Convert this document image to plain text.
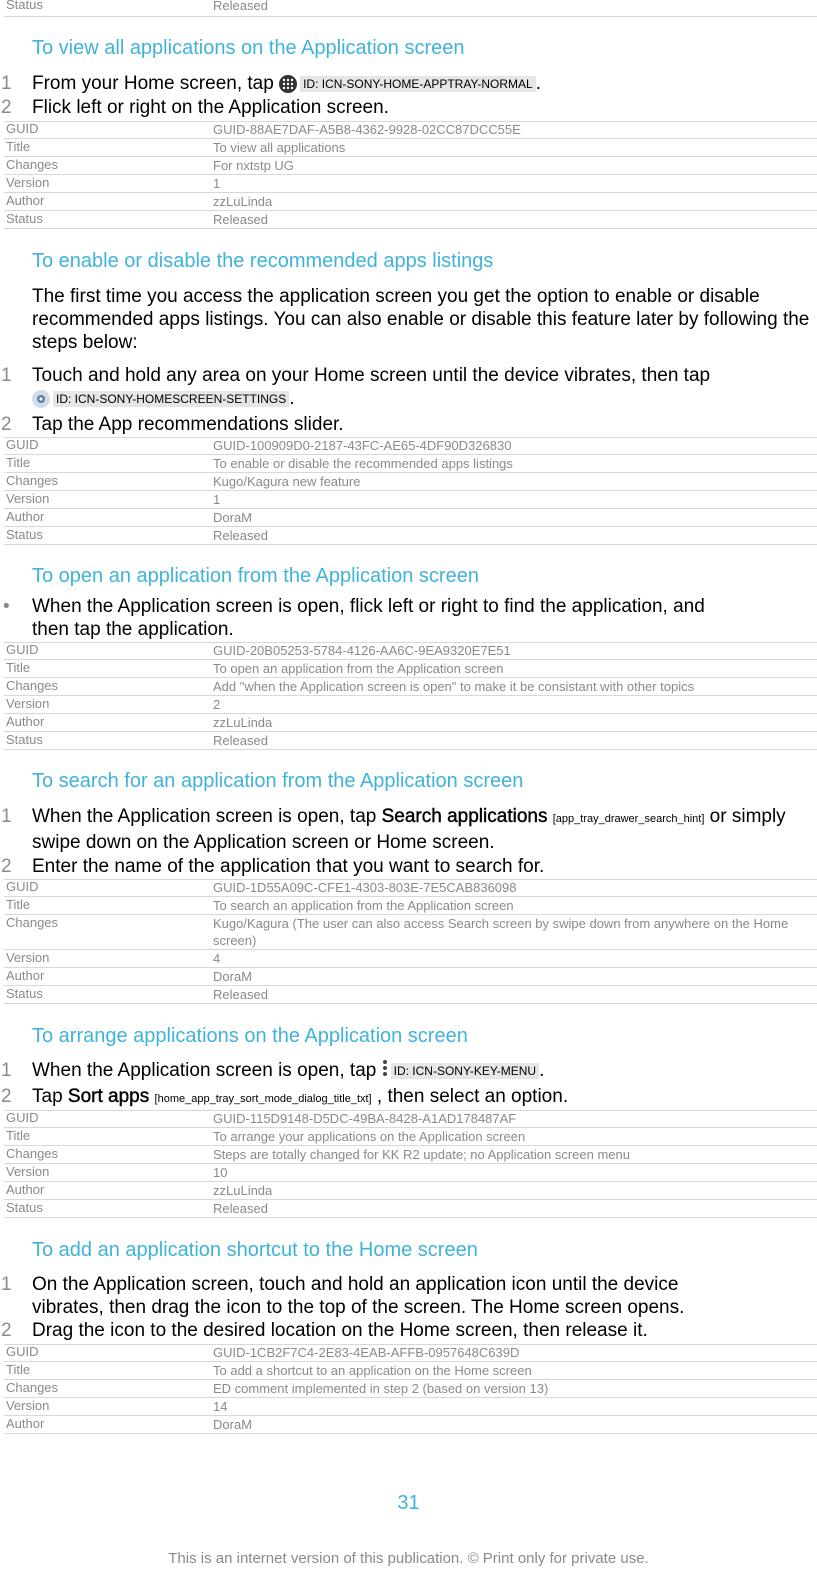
Status	Released
To view all applications on the Application screen
1 From your Home screen, tap ID: ICN-SONY-HOME-APPTRAY-NORMAL .
2 Flick left or right on the Application screen.
GUID	GUID-88AE7DAF-A5B8-4362-9928-02CC87DCC55E
Title	To view all applications
Changes	For nxtstp UG
Version	1
Author	zzLuLinda
Status	Released
To enable or disable the recommended apps listings
The first time you access the application screen you get the option to enable or disable recommended apps listings. You can also enable or disable this feature later by following the steps below:
1 Touch and hold any area on your Home screen until the device vibrates, then tap
ID: ICN-SONY-HOMESCREEN-SETTINGS .
2 Tap the App recommendations slider.
GUID	GUID-100909D0-2187-43FC-AE65-4DF90D326830
Title	To enable or disable the recommended apps listings
Changes	Kugo/Kagura new feature
Version	1
Author	DoraM
Status	Released
To open an application from the Application screen
• When the Application screen is open, flick left or right to find the application, and then tap the application.
GUID	GUID-20B05253-5784-4126-AA6C-9EA9320E7E51
Title	To open an application from the Application screen
Changes	Add "when the Application screen is open" to make it be consistant with other topics
Version	2
Author	zzLuLinda
Status	Released
To search for an application from the Application screen
1 When the Application screen is open, tap Search applications [app_tray_drawer_search_hint] or simply swipe down on the Application screen or Home screen.
2 Enter the name of the application that you want to search for.
GUID	GUID-1D55A09C-CFE1-4303-803E-7E5CAB836098
Title	To search an application from the Application screen
Changes	Kugo/Kagura (The user can also access Search screen by swipe down from anywhere on the Home screen)
Version	4
Author	DoraM
Status	Released
To arrange applications on the Application screen
1 When the Application screen is open, tap ID: ICN-SONY-KEY-MENU .
2 Tap Sort apps [home_app_tray_sort_mode_dialog_title_txt] , then select an option.
GUID	GUID-115D9148-D5DC-49BA-8428-A1AD178487AF
Title	To arrange your applications on the Application screen
Changes	Steps are totally changed for KK R2 update; no Application screen menu
Version	10
Author	zzLuLinda
Status	Released
To add an application shortcut to the Home screen
1 On the Application screen, touch and hold an application icon until the device vibrates, then drag the icon to the top of the screen. The Home screen opens.
2 Drag the icon to the desired location on the Home screen, then release it.
GUID	GUID-1CB2F7C4-2E83-4EAB-AFFB-0957648C639D
Title	To add a shortcut to an application on the Home screen
Changes	ED comment implemented in step 2 (based on version 13)
Version	14
Author	DoraM
31
This is an internet version of this publication. © Print only for private use.
